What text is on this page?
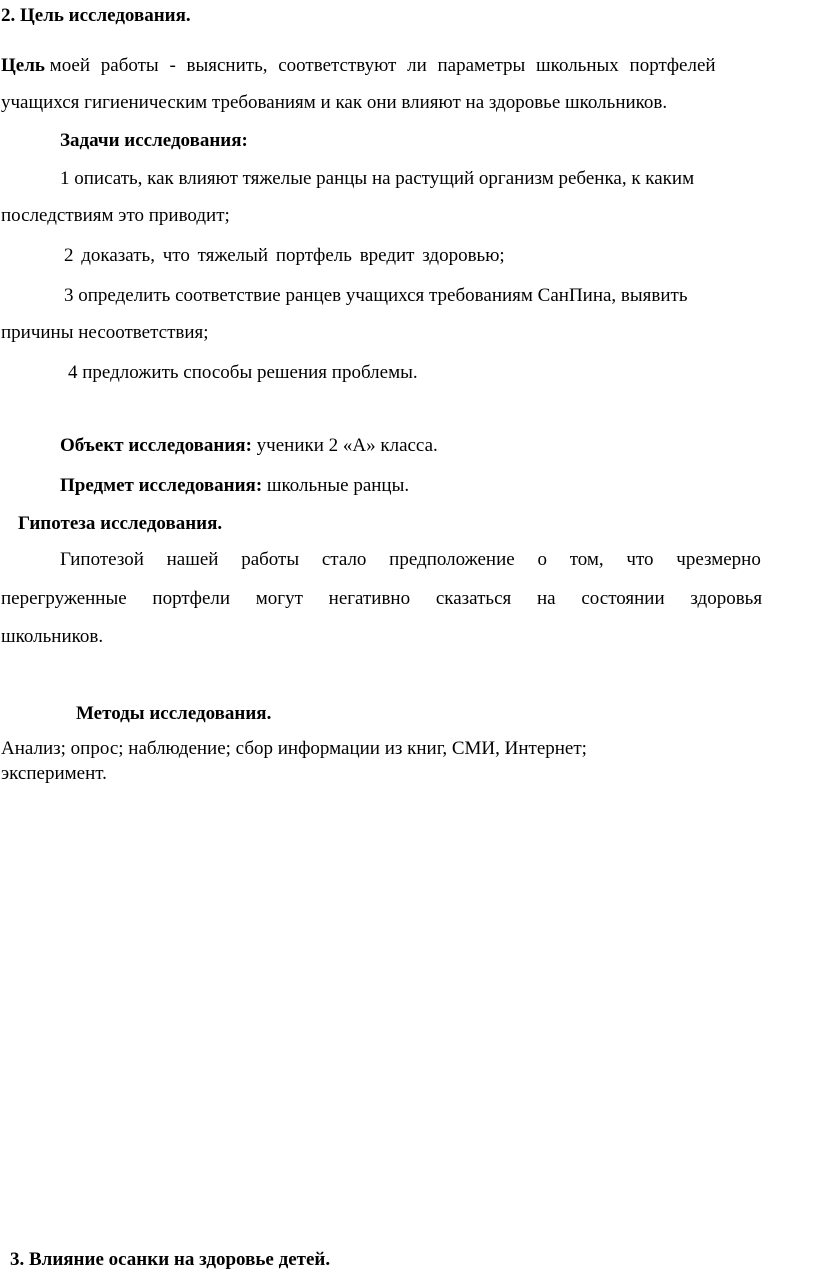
2. Цель исследования.
Цель моей работы - выяснить, соответствуют ли параметры школьных портфелей
учащихся гигиеническим требованиям и как они влияют на здоровье школьников.
Задачи исследования:
1 описать, как влияют тяжелые ранцы на растущий организм ребенка, к каким
последствиям это приводит;
2 доказать, что тяжелый портфель вредит здоровью;
3 определить соответствие ранцев учащихся требованиям СанПина, выявить
причины несоответствия;
4 предложить способы решения проблемы.
Объект исследования: ученики 2 «А» класса.
Предмет исследования: школьные ранцы.
Гипотеза исследования.
Гипотезой нашей работы стало предположение о том, что чрезмерно
перегруженные портфели могут негативно сказаться на состоянии здоровья
школьников.
Методы исследования.
Анализ; опрос; наблюдение; сбор информации из книг, СМИ, Интернет;
эксперимент.
3. Влияние осанки на здоровье детей.
